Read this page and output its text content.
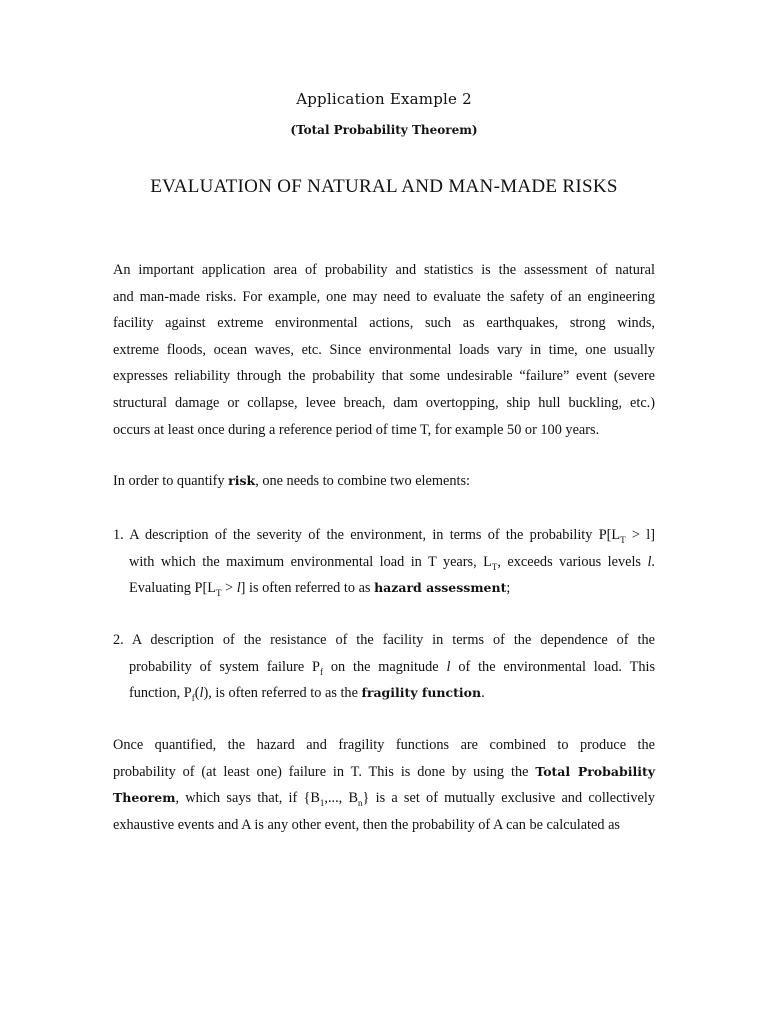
Application Example 2
(Total Probability Theorem)
EVALUATION OF NATURAL AND MAN-MADE RISKS
An important application area of probability and statistics is the assessment of natural
and man-made risks. For example, one may need to evaluate the safety of an engineering
facility against extreme environmental actions, such as earthquakes, strong winds,
extreme floods, ocean waves, etc. Since environmental loads vary in time, one usually
expresses reliability through the probability that some undesirable “failure” event (severe
structural damage or collapse, levee breach, dam overtopping, ship hull buckling, etc.)
occurs at least once during a reference period of time T, for example 50 or 100 years.
In order to quantify risk, one needs to combine two elements:
1. A description of the severity of the environment, in terms of the probability $P[L_T > l]$
with which the maximum environmental load in T years, $L_T$, exceeds various levels l.
Evaluating $P[L_T > l]$ is often referred to as hazard assessment;
2. A description of the resistance of the facility in terms of the dependence of the
probability of system failure $P_f$ on the magnitude l of the environmental load. This
function, $P_f(l)$, is often referred to as the fragility function.
Once quantified, the hazard and fragility functions are combined to produce the
probability of (at least one) failure in T. This is done by using the Total Probability
Theorem, which says that, if {$B_1$,..., $B_n$} is a set of mutually exclusive and collectively
exhaustive events and A is any other event, then the probability of A can be calculated as
